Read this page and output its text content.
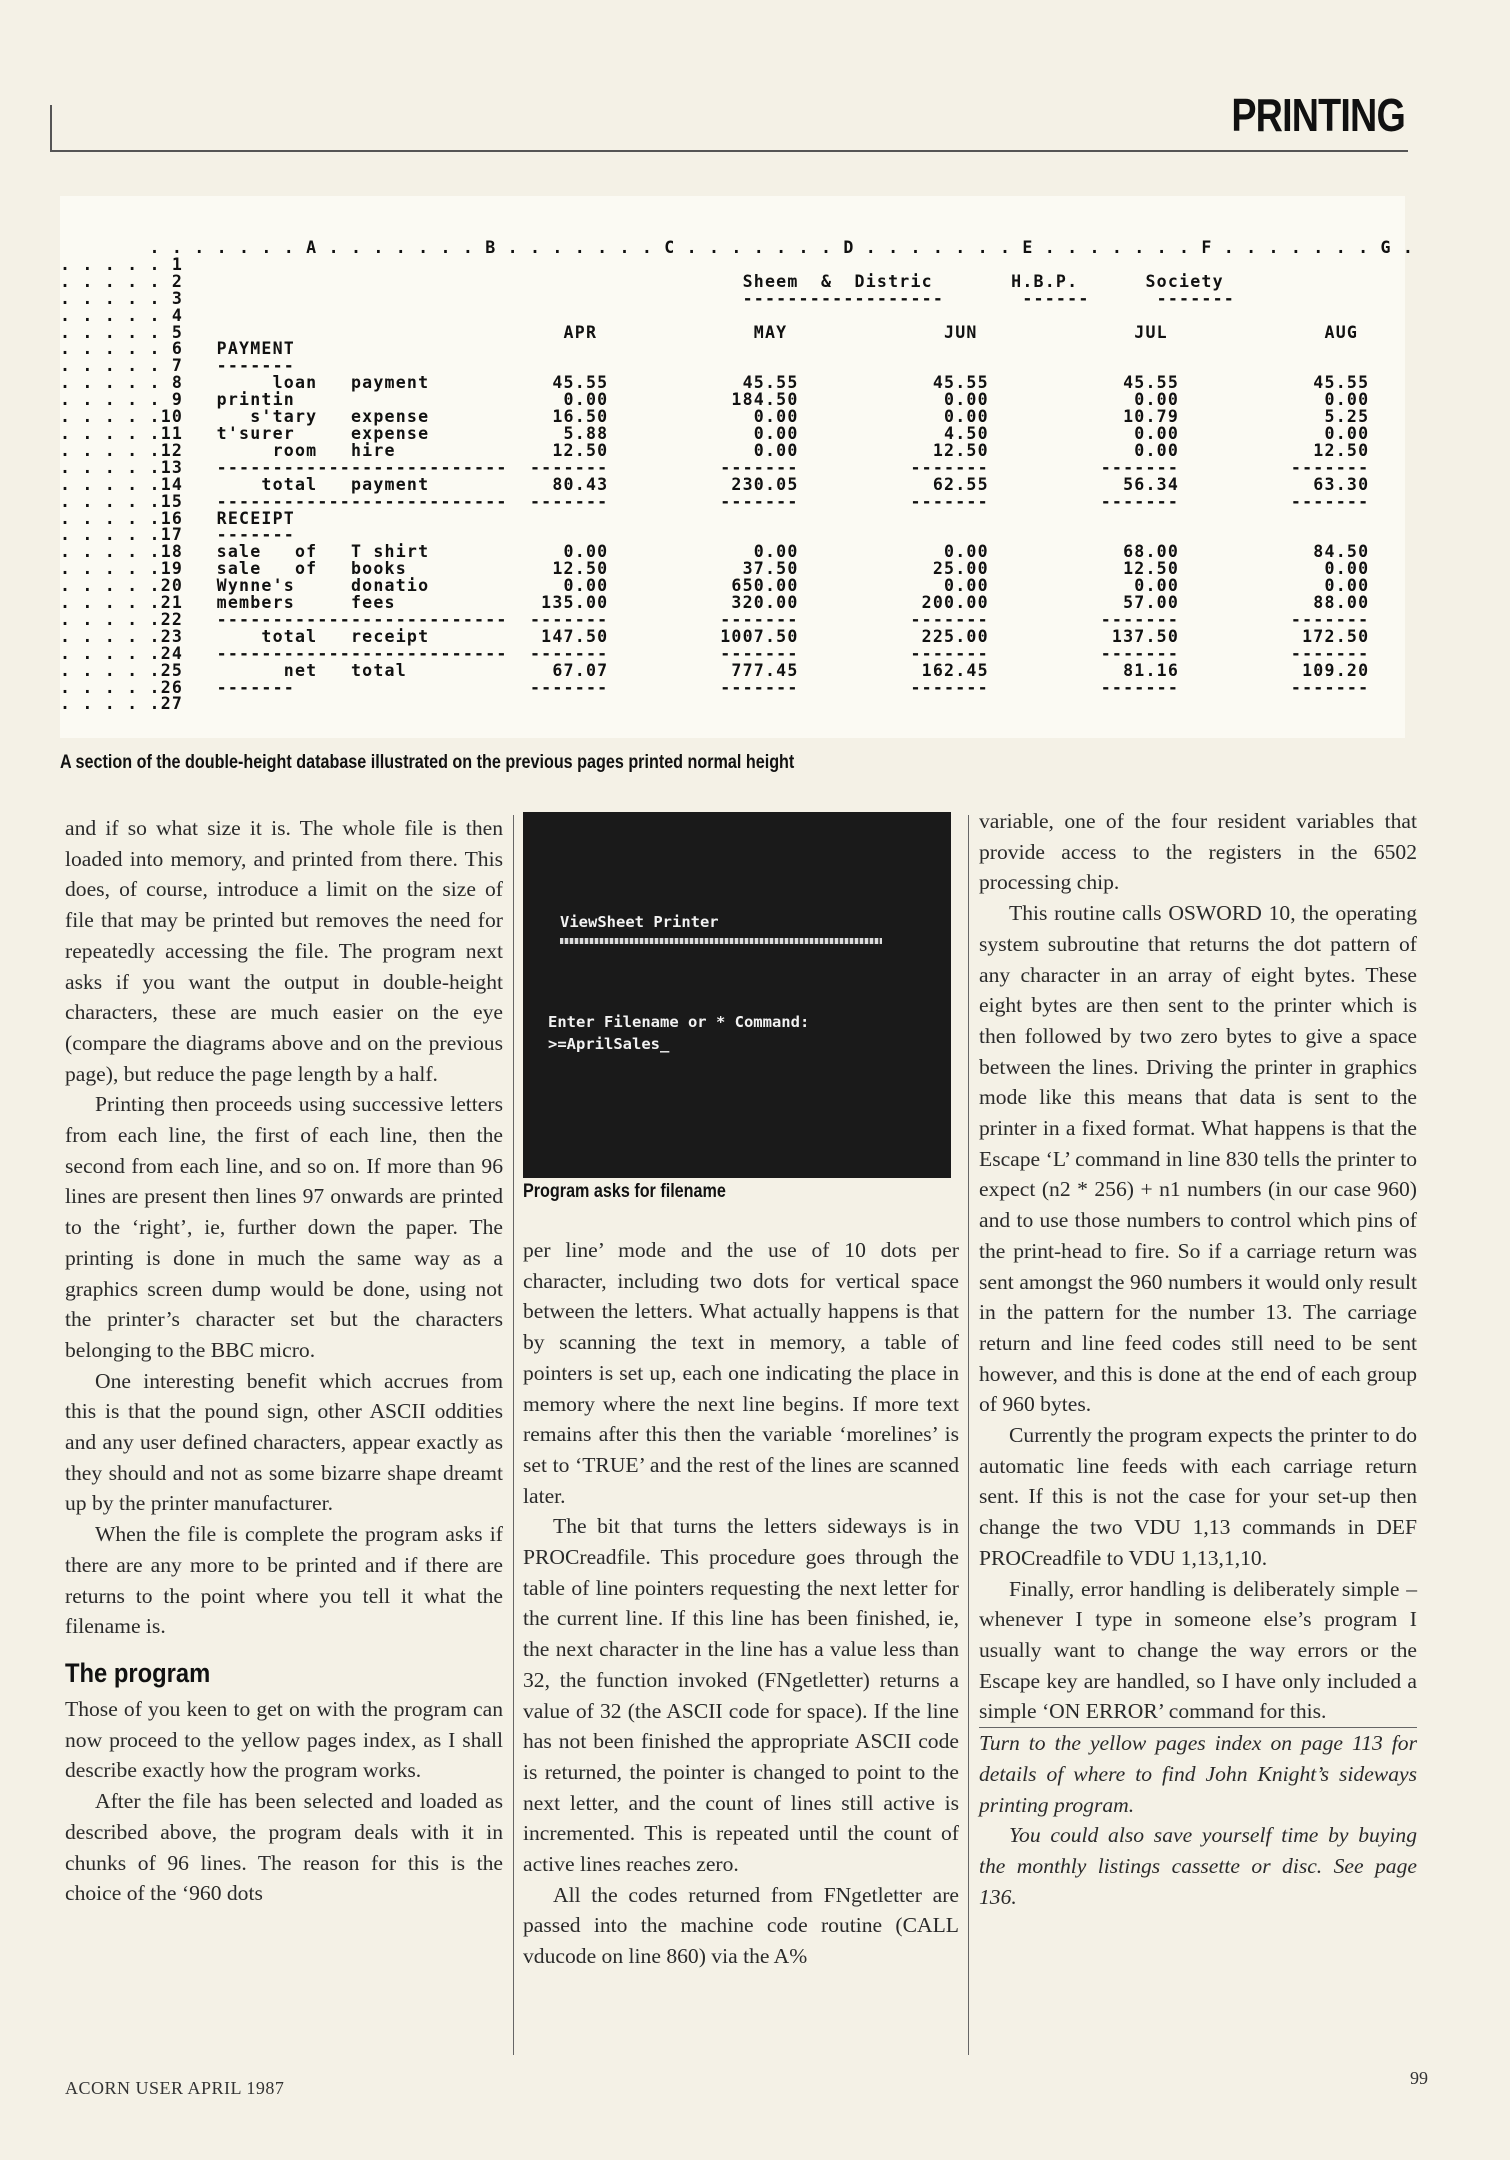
PRINTING
. . . . . . . A . . . . . . . B . . . . . . . C . . . . . . . D . . . . . . . E . . . . . . . F . . . . . . . G .
. . . . . 1
. . . . . 2                                                  Sheem  &  Distric       H.B.P.      Society
. . . . . 3                                                  ------------------       ------      -------
. . . . . 4
. . . . . 5                                  APR              MAY              JUN              JUL              AUG
. . . . . 6   PAYMENT
. . . . . 7   -------
. . . . . 8        loan   payment           45.55            45.55            45.55            45.55            45.55
. . . . . 9   printin                        0.00           184.50             0.00             0.00             0.00
. . . . .10      s'tary   expense           16.50             0.00             0.00            10.79             5.25
. . . . .11   t'surer     expense            5.88             0.00             4.50             0.00             0.00
. . . . .12        room   hire              12.50             0.00            12.50             0.00            12.50
. . . . .13   --------------------------  -------          -------          -------          -------          -------
. . . . .14       total   payment           80.43           230.05            62.55            56.34            63.30
. . . . .15   --------------------------  -------          -------          -------          -------          -------
. . . . .16   RECEIPT
. . . . .17   -------
. . . . .18   sale   of   T shirt            0.00             0.00             0.00            68.00            84.50
. . . . .19   sale   of   books             12.50            37.50            25.00            12.50             0.00
. . . . .20   Wynne's     donatio            0.00           650.00             0.00             0.00             0.00
. . . . .21   members     fees             135.00           320.00           200.00            57.00            88.00
. . . . .22   --------------------------  -------          -------          -------          -------          -------
. . . . .23       total   receipt          147.50          1007.50           225.00           137.50           172.50
. . . . .24   --------------------------  -------          -------          -------          -------          -------
. . . . .25         net   total             67.07           777.45           162.45            81.16           109.20
. . . . .26   -------                     -------          -------          -------          -------          -------
. . . . .27
A section of the double-height database illustrated on the previous pages printed normal height

and if so what size it is. The whole file is then loaded into memory, and printed from there. This does, of course, introduce a limit on the size of file that may be printed but removes the need for repeatedly accessing the file. The program next asks if you want the output in double-height characters, these are much easier on the eye (compare the diagrams above and on the previous page), but reduce the page length by a half.

Printing then proceeds using successive letters from each line, the first of each line, then the second from each line, and so on. If more than 96 lines are present then lines 97 onwards are printed to the ‘right’, ie, further down the paper. The printing is done in much the same way as a graphics screen dump would be done, using not the printer’s character set but the characters belonging to the BBC micro.

One interesting benefit which accrues from this is that the pound sign, other ASCII oddities and any user defined characters, appear exactly as they should and not as some bizarre shape dreamt up by the printer manufacturer.

When the file is complete the program asks if there are any more to be printed and if there are returns to the point where you tell it what the filename is.

The program

Those of you keen to get on with the program can now proceed to the yellow pages index, as I shall describe exactly how the program works.

After the file has been selected and loaded as described above, the program deals with it in chunks of 96 lines. The reason for this is the choice of the ‘960 dots

ViewSheet Printer
Enter Filename or * Command:
>=AprilSales_
Program asks for filename

per line’ mode and the use of 10 dots per character, including two dots for vertical space between the letters. What actually happens is that by scanning the text in memory, a table of pointers is set up, each one indicating the place in memory where the next line begins. If more text remains after this then the variable ‘morelines’ is set to ‘TRUE’ and the rest of the lines are scanned later.

The bit that turns the letters sideways is in PROCreadfile. This procedure goes through the table of line pointers requesting the next letter for the current line. If this line has been finished, ie, the next character in the line has a value less than 32, the function invoked (FNgetletter) returns a value of 32 (the ASCII code for space). If the line has not been finished the appropriate ASCII code is returned, the pointer is changed to point to the next letter, and the count of lines still active is incremented. This is repeated until the count of active lines reaches zero.

All the codes returned from FNgetletter are passed into the machine code routine (CALL vducode on line 860) via the A%

variable, one of the four resident variables that provide access to the registers in the 6502 processing chip.

This routine calls OSWORD 10, the operating system subroutine that returns the dot pattern of any character in an array of eight bytes. These eight bytes are then sent to the printer which is then followed by two zero bytes to give a space between the lines. Driving the printer in graphics mode like this means that data is sent to the printer in a fixed format. What happens is that the Escape ‘L’ command in line 830 tells the printer to expect (n2 * 256) + n1 numbers (in our case 960) and to use those numbers to control which pins of the print-head to fire. So if a carriage return was sent amongst the 960 numbers it would only result in the pattern for the number 13. The carriage return and line feed codes still need to be sent however, and this is done at the end of each group of 960 bytes.

Currently the program expects the printer to do automatic line feeds with each carriage return sent. If this is not the case for your set-up then change the two VDU 1,13 commands in DEF PROCreadfile to VDU 1,13,1,10.

Finally, error handling is deliberately simple – whenever I type in someone else’s program I usually want to change the way errors or the Escape key are handled, so I have only included a simple ‘ON ERROR’ command for this.

Turn to the yellow pages index on page 113 for details of where to find John Knight’s sideways printing program.

You could also save yourself time by buying the monthly listings cassette or disc. See page 136.

ACORN USER APRIL 1987	99
